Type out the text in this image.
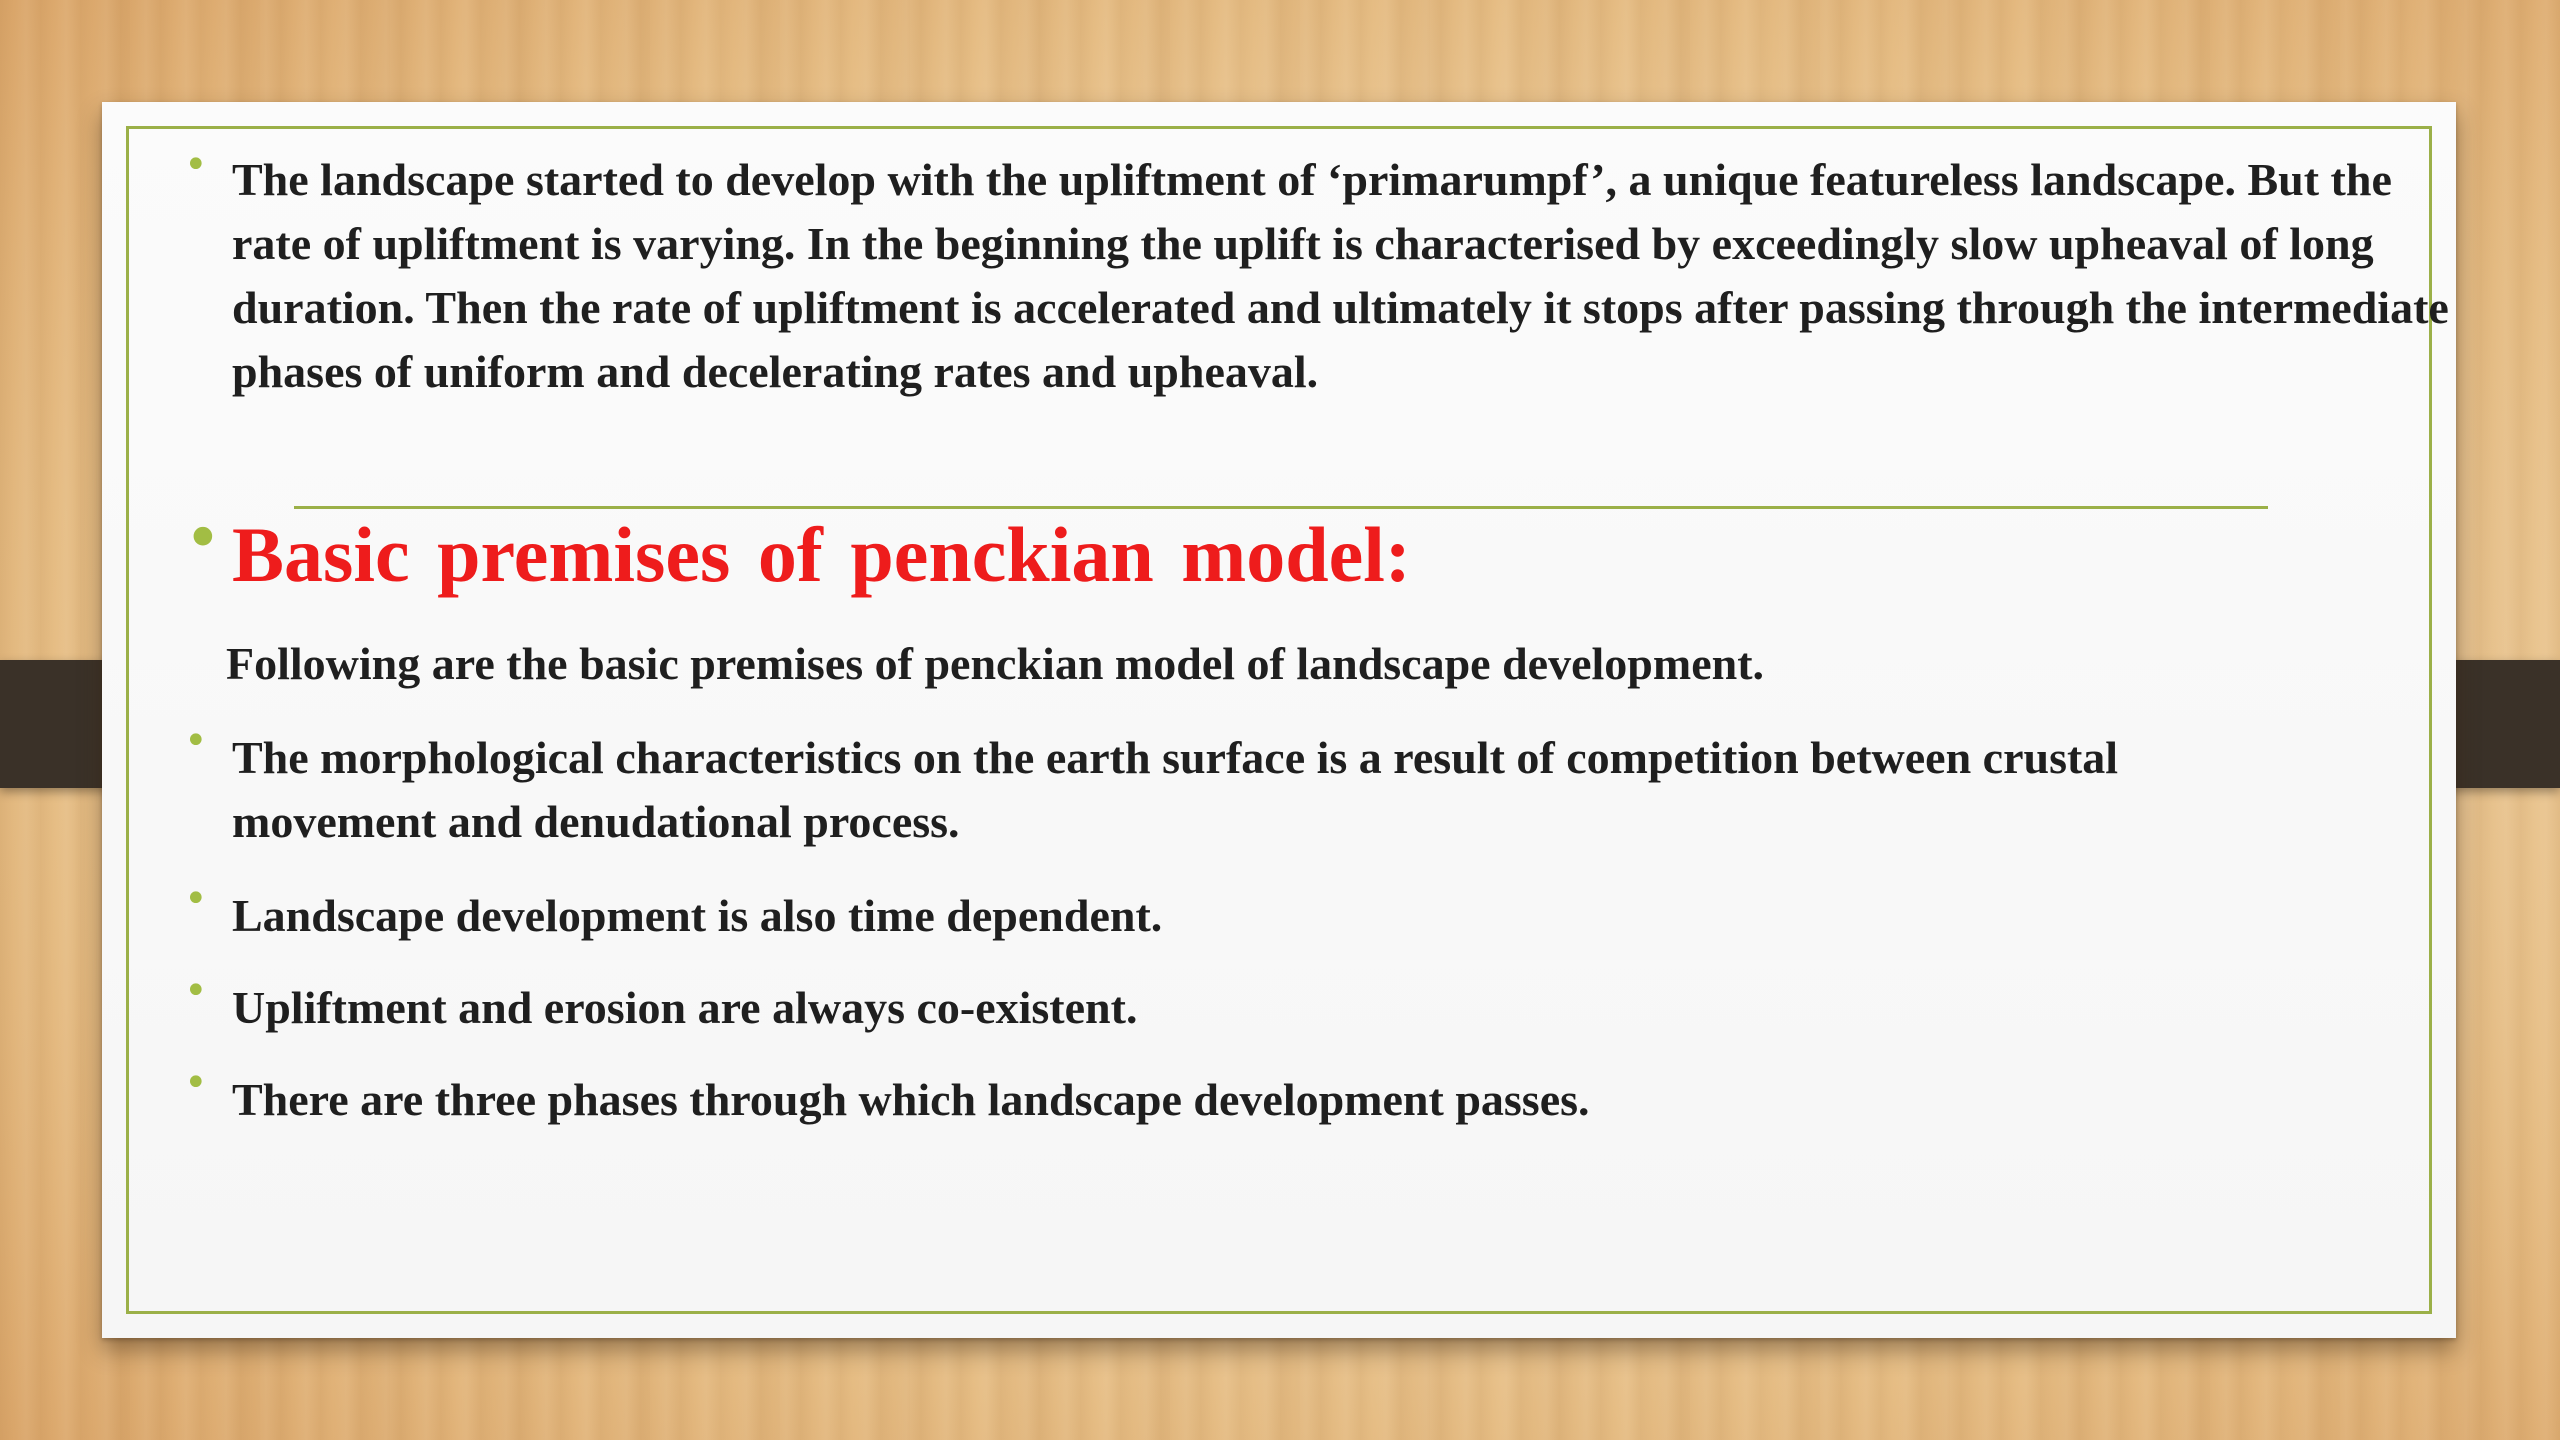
• The landscape started to develop with the upliftment of ‘primarumpf’, a unique featureless landscape. But the rate of upliftment is varying. In the beginning the uplift is characterised by exceedingly slow upheaval of long duration. Then the rate of upliftment is accelerated and ultimately it stops after passing through the intermediate phases of uniform and decelerating rates and upheaval.
• Basic premises of penckian model:
Following are the basic premises of penckian model of landscape development.
• The morphological characteristics on the earth surface is a result of competition between crustal movement and denudational process.
• Landscape development is also time dependent.
• Upliftment and erosion are always co-existent.
• There are three phases through which landscape development passes.
